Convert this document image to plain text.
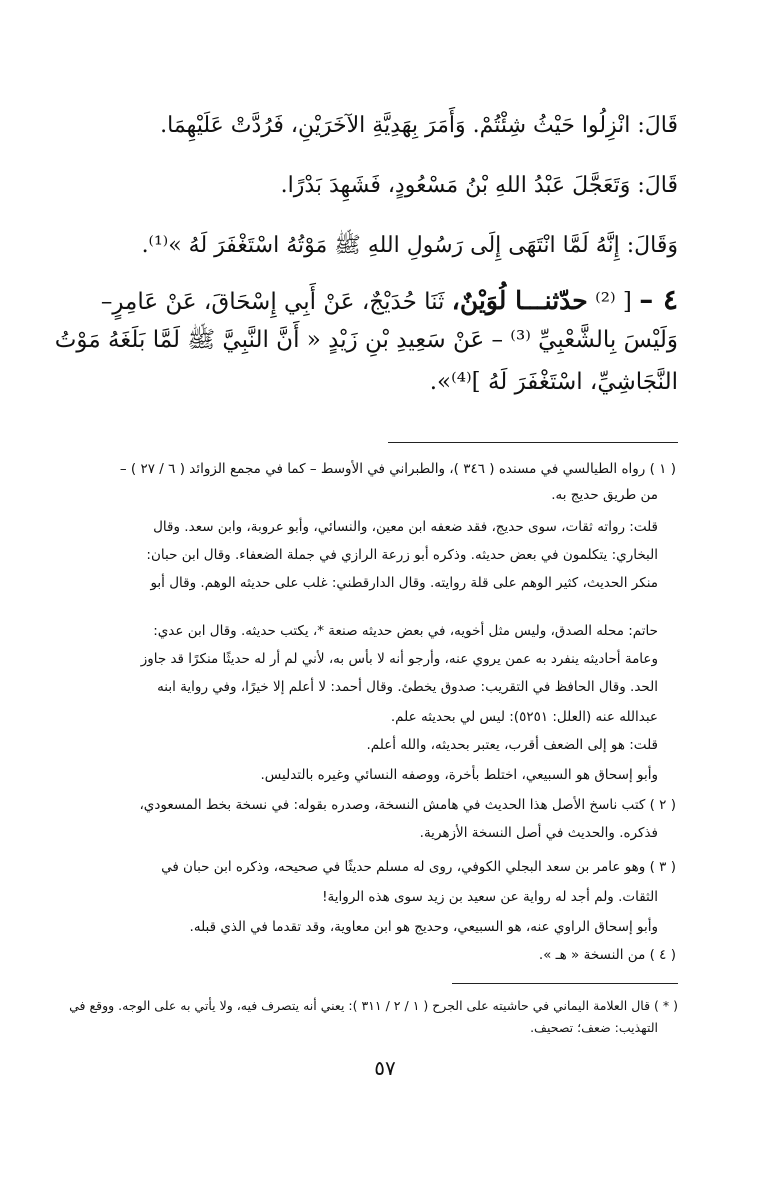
قَالَ: انْزِلُوا حَيْثُ شِئْتُمْ. وَأَمَرَ بِهَدِيَّةِ الآخَرَيْنِ، فَرُدَّتْ عَلَيْهِمَا.
قَالَ: وَتَعَجَّلَ عَبْدُ اللهِ بْنُ مَسْعُودٍ، فَشَهِدَ بَدْرًا.
وَقَالَ: إِنَّهُ لَمَّا انْتَهَى إِلَى رَسُولِ اللهِ ﷺ مَوْتُهُ اسْتَغْفَرَ لَهُ »⁽¹⁾.
٤ – [ ⁽²⁾ حدّثنـــا لُوَيْنٌ، ثَنَا حُدَيْجٌ، عَنْ أَبِي إِسْحَاقَ، عَنْ عَامِرٍ–
وَلَيْسَ بِالشَّعْبِيِّ ⁽³⁾ – عَنْ سَعِيدِ بْنِ زَيْدٍ « أَنَّ النَّبِيَّ ﷺ لَمَّا بَلَغَهُ مَوْتُ
النَّجَاشِيِّ، اسْتَغْفَرَ لَهُ ]⁽⁴⁾».
( ١ ) رواه الطيالسي في مسنده ( ٣٤٦ )، والطبراني في الأوسط – كما في مجمع الزوائد ( ٦ / ٢٧ ) –
من طريق حديج به.
قلت: رواته ثقات، سوى حديج، فقد ضعفه ابن معين، والنسائي، وأبو عروبة، وابن سعد. وقال
البخاري: يتكلمون في بعض حديثه. وذكره أبو زرعة الرازي في جملة الضعفاء. وقال ابن حبان:
منكر الحديث، كثير الوهم على قلة روايته. وقال الدارقطني: غلب على حديثه الوهم. وقال أبو
حاتم: محله الصدق، وليس مثل أخويه، في بعض حديثه صنعة *، يكتب حديثه. وقال ابن عدي:
وعامة أحاديثه ينفرد به عمن يروي عنه، وأرجو أنه لا بأس به، لأني لم أر له حديثًا منكرًا قد جاوز
الحد. وقال الحافظ في التقريب: صدوق يخطئ. وقال أحمد: لا أعلم إلا خيرًا، وفي رواية ابنه
عبدالله عنه (العلل: ٥٢٥١): ليس لي بحديثه علم.
قلت: هو إلى الضعف أقرب، يعتبر بحديثه، والله أعلم.
وأبو إسحاق هو السبيعي، اختلط بأخرة، ووصفه النسائي وغيره بالتدليس.
( ٢ ) كتب ناسخ الأصل هذا الحديث في هامش النسخة، وصدره بقوله: في نسخة بخط المسعودي،
فذكره. والحديث في أصل النسخة الأزهرية.
( ٣ ) وهو عامر بن سعد البجلي الكوفي، روى له مسلم حديثًا في صحيحه، وذكره ابن حبان في
الثقات. ولم أجد له رواية عن سعيد بن زيد سوى هذه الرواية!
وأبو إسحاق الراوي عنه، هو السبيعي، وحديج هو ابن معاوية، وقد تقدما في الذي قبله.
( ٤ ) من النسخة « هـ ».
( * ) قال العلامة اليماني في حاشيته على الجرح ( ١ / ٢ / ٣١١ ): يعني أنه يتصرف فيه، ولا يأتي به على الوجه. ووقع في
التهذيب: ضعف؛ تصحيف.
٥٧
